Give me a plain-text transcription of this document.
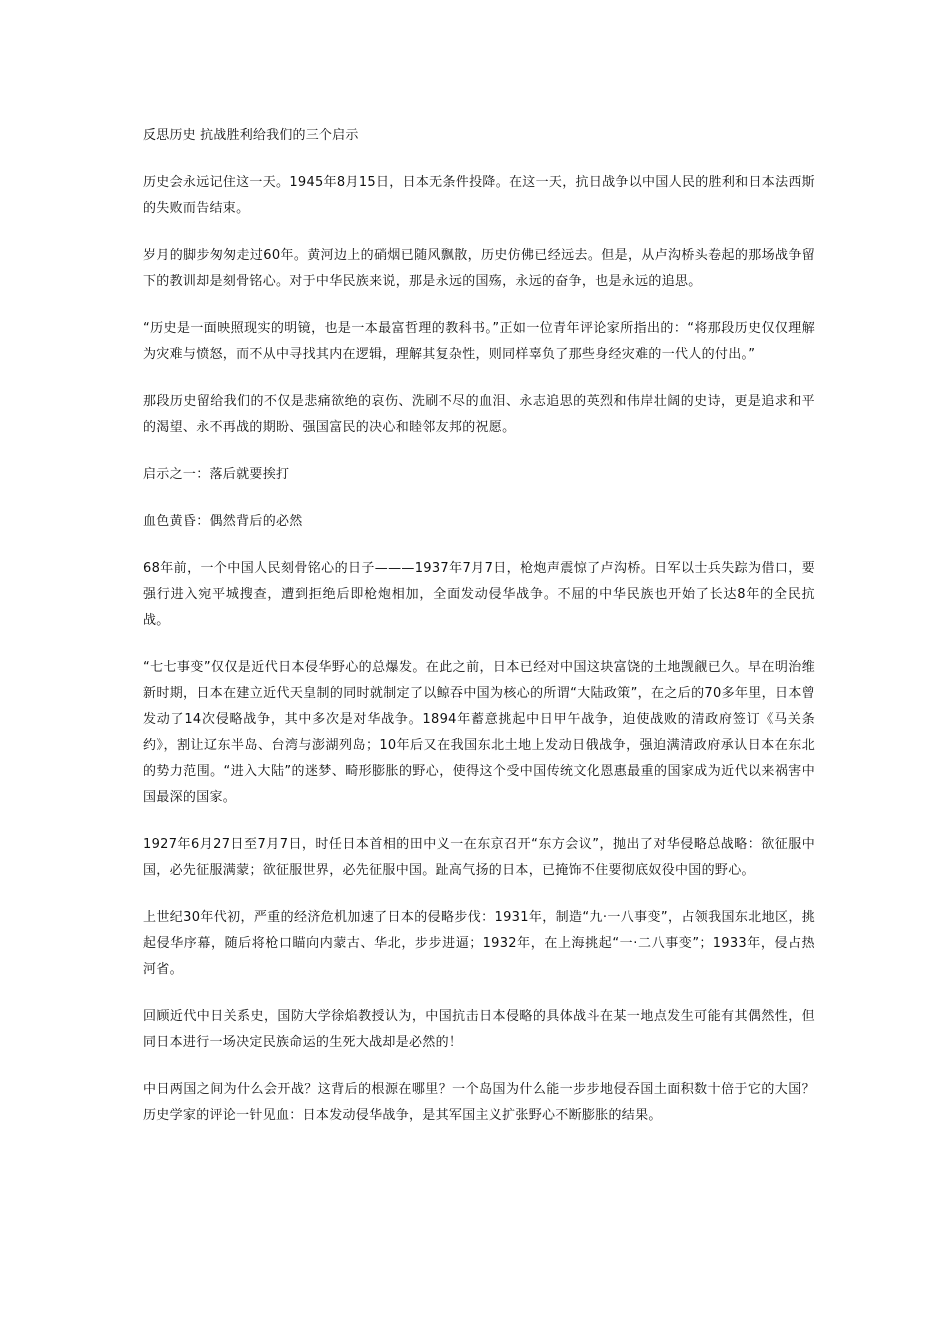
反思历史 抗战胜利给我们的三个启示

历史会永远记住这一天。1945年8月15日，日本无条件投降。在这一天，抗日战争以中国人民的胜利和日本法西斯的失败而告结束。

岁月的脚步匆匆走过60年。黄河边上的硝烟已随风飘散，历史仿佛已经远去。但是，从卢沟桥头卷起的那场战争留下的教训却是刻骨铭心。对于中华民族来说，那是永远的国殇，永远的奋争，也是永远的追思。

“历史是一面映照现实的明镜，也是一本最富哲理的教科书。”正如一位青年评论家所指出的：“将那段历史仅仅理解为灾难与愤怒，而不从中寻找其内在逻辑，理解其复杂性，则同样辜负了那些身经灾难的一代人的付出。”

那段历史留给我们的不仅是悲痛欲绝的哀伤、洗刷不尽的血泪、永志追思的英烈和伟岸壮阔的史诗，更是追求和平的渴望、永不再战的期盼、强国富民的决心和睦邻友邦的祝愿。

启示之一：落后就要挨打

血色黄昏：偶然背后的必然

68年前，一个中国人民刻骨铭心的日子———1937年7月7日，枪炮声震惊了卢沟桥。日军以士兵失踪为借口，要强行进入宛平城搜查，遭到拒绝后即枪炮相加，全面发动侵华战争。不屈的中华民族也开始了长达8年的全民抗战。

“七七事变”仅仅是近代日本侵华野心的总爆发。在此之前，日本已经对中国这块富饶的土地觊觎已久。早在明治维新时期，日本在建立近代天皇制的同时就制定了以鲸吞中国为核心的所谓“大陆政策”，在之后的70多年里，日本曾发动了14次侵略战争，其中多次是对华战争。1894年蓄意挑起中日甲午战争，迫使战败的清政府签订《马关条约》，割让辽东半岛、台湾与澎湖列岛；10年后又在我国东北土地上发动日俄战争，强迫满清政府承认日本在东北的势力范围。“进入大陆”的迷梦、畸形膨胀的野心，使得这个受中国传统文化恩惠最重的国家成为近代以来祸害中国最深的国家。

1927年6月27日至7月7日，时任日本首相的田中义一在东京召开“东方会议”，抛出了对华侵略总战略：欲征服中国，必先征服满蒙；欲征服世界，必先征服中国。趾高气扬的日本，已掩饰不住要彻底奴役中国的野心。

上世纪30年代初，严重的经济危机加速了日本的侵略步伐：1931年，制造“九·一八事变”，占领我国东北地区，挑起侵华序幕，随后将枪口瞄向内蒙古、华北，步步进逼；1932年，在上海挑起“一·二八事变”；1933年，侵占热河省。

回顾近代中日关系史，国防大学徐焰教授认为，中国抗击日本侵略的具体战斗在某一地点发生可能有其偶然性，但同日本进行一场决定民族命运的生死大战却是必然的！

中日两国之间为什么会开战？这背后的根源在哪里？一个岛国为什么能一步步地侵吞国土面积数十倍于它的大国？历史学家的评论一针见血：日本发动侵华战争，是其军国主义扩张野心不断膨胀的结果。
